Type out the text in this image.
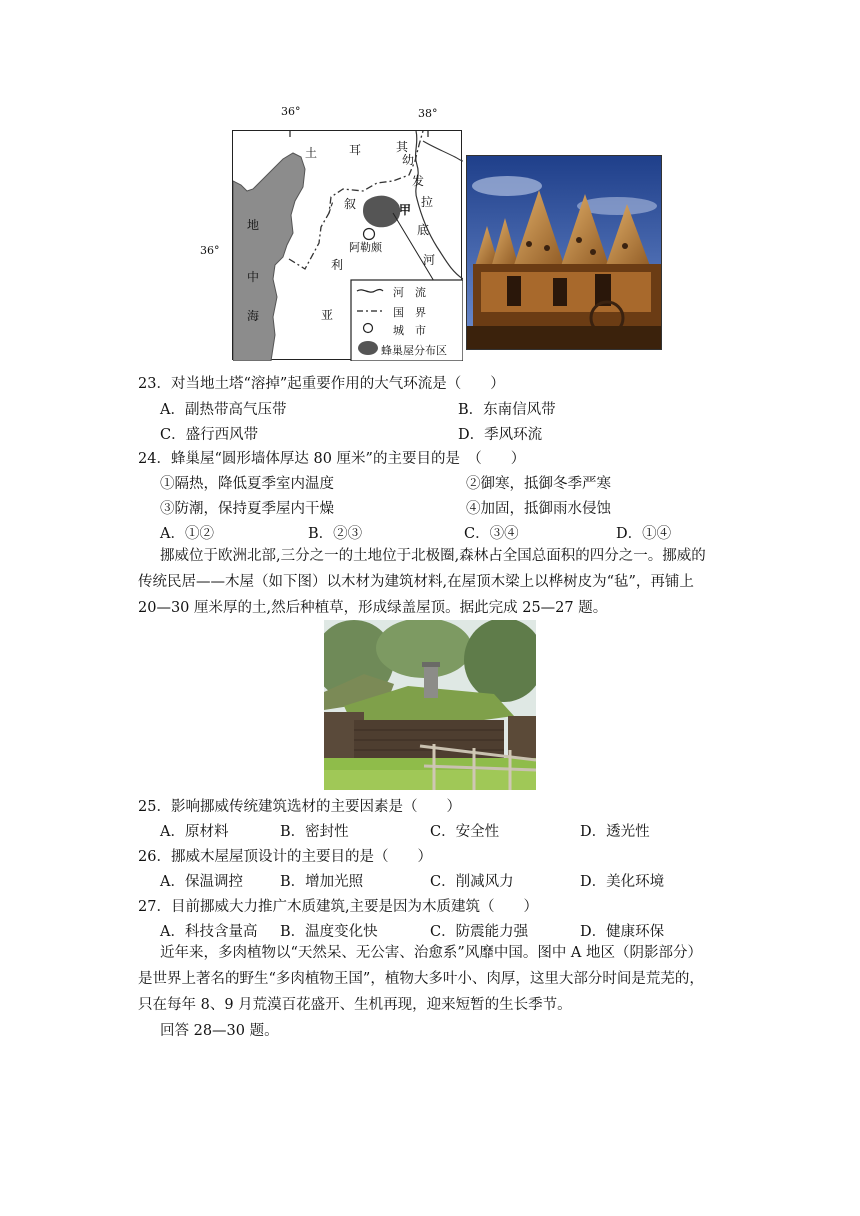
36°	38°
36°
土	耳	其
幼
发
拉
底
河
叙	甲
阿勒颇
利
亚
地
中
海
河　流
国　界
城　市
蜂巢屋分布区
23．对当地土塔“溶掉”起重要作用的大气环流是（　　）
A．副热带高气压带	B．东南信风带
C．盛行西风带	D．季风环流
24．蜂巢屋“圆形墙体厚达 80 厘米”的主要目的是　（　　）
①隔热，降低夏季室内温度	②御寒，抵御冬季严寒
③防潮，保持夏季屋内干燥	④加固，抵御雨水侵蚀
A．①②	B．②③	C．③④	D．①④
挪威位于欧洲北部,三分之一的土地位于北极圈,森林占全国总面积的四分之一。挪威的
传统民居——木屋（如下图）以木材为建筑材料,在屋顶木梁上以桦树皮为“毡”，再铺上
20—30 厘米厚的土,然后种植草，形成绿盖屋顶。据此完成 25—27 题。
25．影响挪威传统建筑选材的主要因素是（　　）
A．原材料	B．密封性	C．安全性	D．透光性
26．挪威木屋屋顶设计的主要目的是（　　）
A．保温调控	B．增加光照	C．削减风力	D．美化环境
27．目前挪威大力推广木质建筑,主要是因为木质建筑（　　）
A．科技含量高 B．温度变化快	C．防震能力强	D．健康环保
近年来，多肉植物以“天然呆、无公害、治愈系”风靡中国。图中 A 地区（阴影部分）
是世界上著名的野生“多肉植物王国”，植物大多叶小、肉厚，这里大部分时间是荒芜的，
只在每年 8、9 月荒漠百花盛开、生机再现，迎来短暂的生长季节。
回答 28—30 题。
